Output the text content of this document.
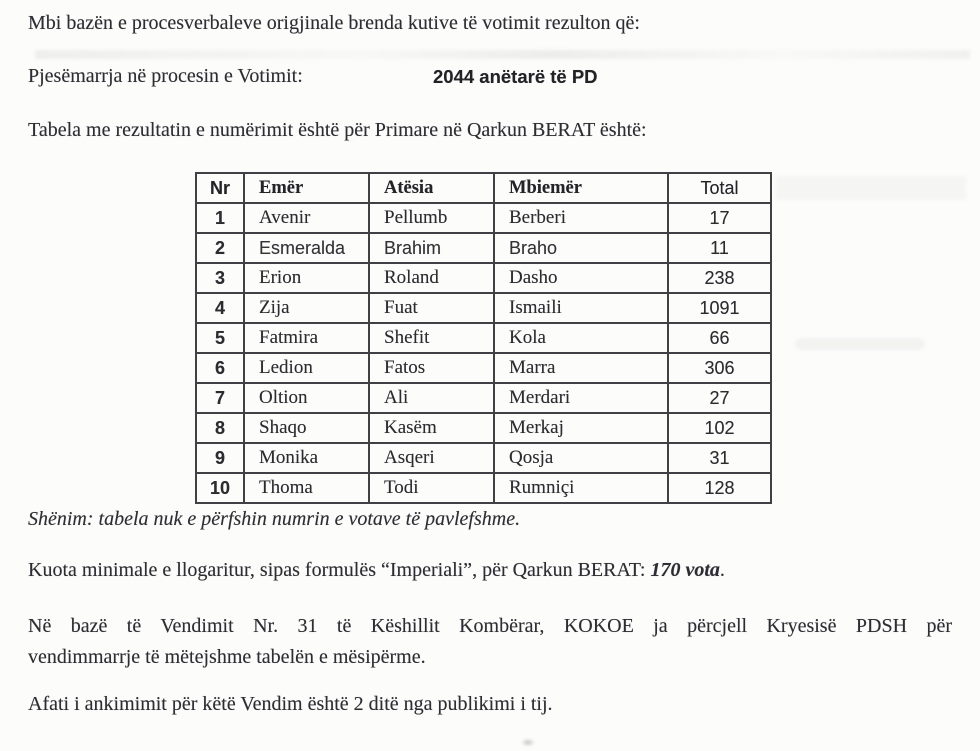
Mbi bazën e procesverbaleve origjinale brenda kutive të votimit rezulton që:

Pjesëmarrja në procesin e Votimit:	2044 anëtarë të PD

Tabela me rezultatin e numërimit është për Primare në Qarkun BERAT është:

Nr	Emër	Atësia	Mbiemër	Total
1	Avenir	Pellumb	Berberi	17
2	Esmeralda	Brahim	Braho	11
3	Erion	Roland	Dasho	238
4	Zija	Fuat	Ismaili	1091
5	Fatmira	Shefit	Kola	66
6	Ledion	Fatos	Marra	306
7	Oltion	Ali	Merdari	27
8	Shaqo	Kasëm	Merkaj	102
9	Monika	Asqeri	Qosja	31
10	Thoma	Todi	Rumniçi	128

Shënim: tabela nuk e përfshin numrin e votave të pavlefshme.

Kuota minimale e llogaritur, sipas formulës “Imperiali”, për Qarkun BERAT: 170 vota.

Në bazë të Vendimit Nr. 31 të Këshillit Kombërar, KOKOE ja përcjell Kryesisë PDSH për
vendimmarrje të mëtejshme tabelën e mësipërme.

Afati i ankimimit për këtë Vendim është 2 ditë nga publikimi i tij.
